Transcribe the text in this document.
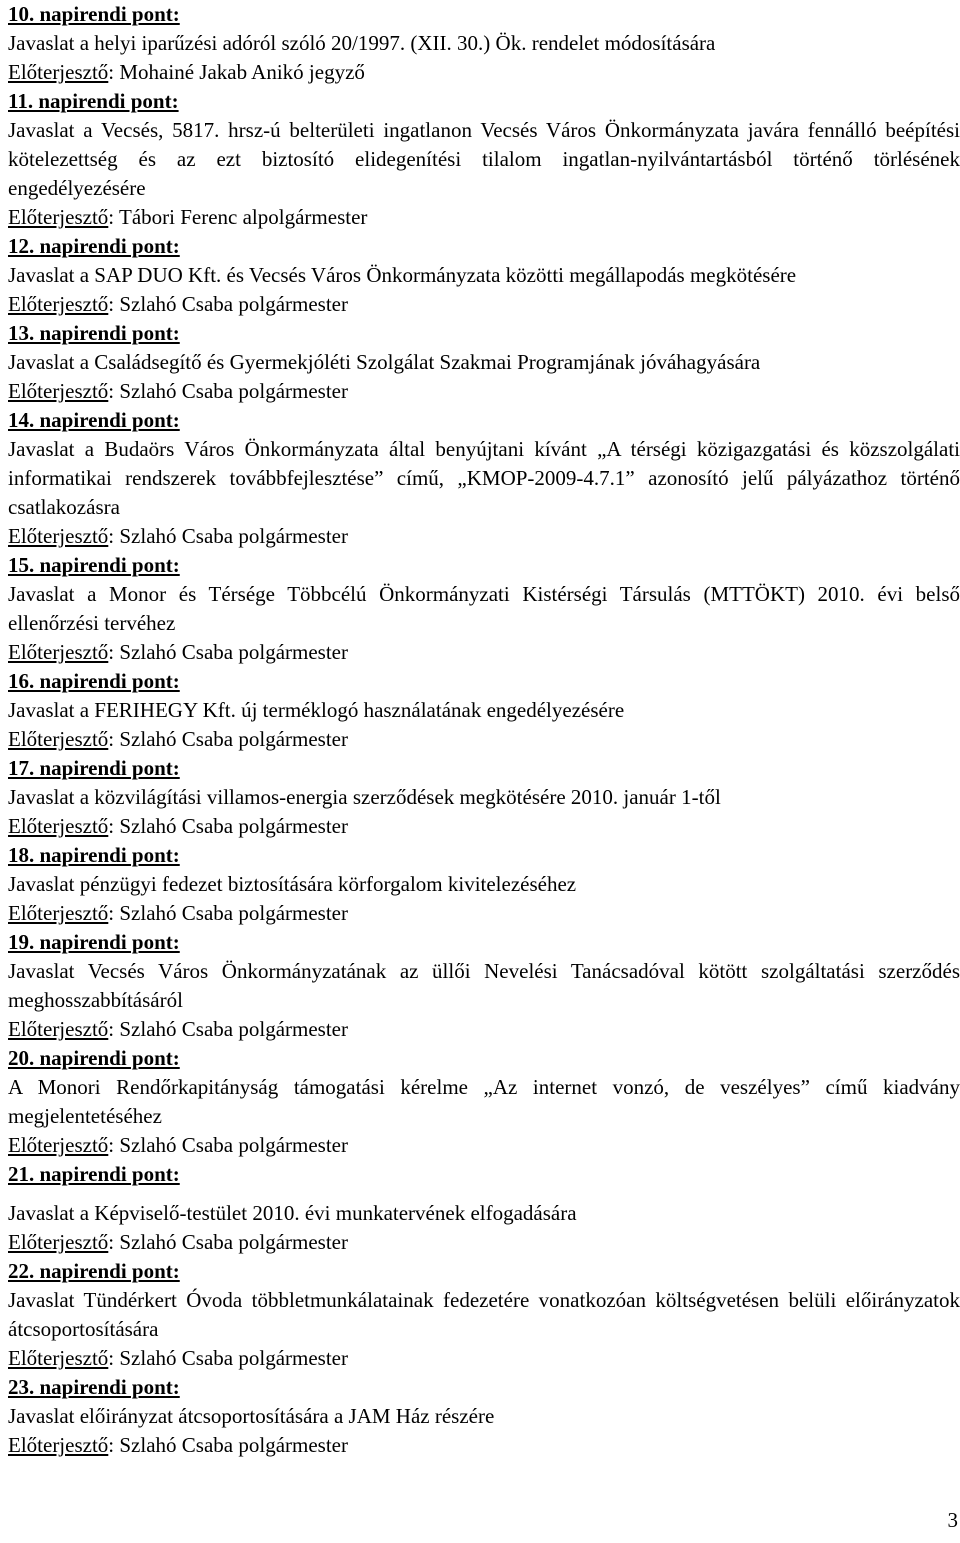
10. napirendi pont:
Javaslat a helyi iparűzési adóról szóló 20/1997. (XII. 30.) Ök. rendelet módosítására
Előterjesztő: Mohainé Jakab Anikó jegyző
11. napirendi pont:
Javaslat a Vecsés, 5817. hrsz-ú belterületi ingatlanon Vecsés Város Önkormányzata javára fennálló beépítési kötelezettség és az ezt biztosító elidegenítési tilalom ingatlan-nyilvántartásból történő törlésének engedélyezésére
Előterjesztő: Tábori Ferenc alpolgármester
12. napirendi pont:
Javaslat a SAP DUO Kft. és Vecsés Város Önkormányzata közötti megállapodás megkötésére
Előterjesztő: Szlahó Csaba polgármester
13. napirendi pont:
Javaslat a Családsegítő és Gyermekjóléti Szolgálat Szakmai Programjának jóváhagyására
Előterjesztő: Szlahó Csaba polgármester
14. napirendi pont:
Javaslat a Budaörs Város Önkormányzata által benyújtani kívánt „A térségi közigazgatási és közszolgálati informatikai rendszerek továbbfejlesztése” című, „KMOP-2009-4.7.1” azonosító jelű pályázathoz történő csatlakozásra
Előterjesztő: Szlahó Csaba polgármester
15. napirendi pont:
Javaslat a Monor és Térsége Többcélú Önkormányzati Kistérségi Társulás (MTTÖKT) 2010. évi belső ellenőrzési tervéhez
Előterjesztő: Szlahó Csaba polgármester
16. napirendi pont:
Javaslat a FERIHEGY Kft. új terméklogó használatának engedélyezésére
Előterjesztő: Szlahó Csaba polgármester
17. napirendi pont:
Javaslat a közvilágítási villamos-energia szerződések megkötésére 2010. január 1-től
Előterjesztő: Szlahó Csaba polgármester
18. napirendi pont:
Javaslat pénzügyi fedezet biztosítására körforgalom kivitelezéséhez
Előterjesztő: Szlahó Csaba polgármester
19. napirendi pont:
Javaslat Vecsés Város Önkormányzatának az üllői Nevelési Tanácsadóval kötött szolgáltatási szerződés meghosszabbításáról
Előterjesztő: Szlahó Csaba polgármester
20. napirendi pont:
A Monori Rendőrkapitányság támogatási kérelme „Az internet vonzó, de veszélyes” című kiadvány megjelentetéséhez
Előterjesztő: Szlahó Csaba polgármester
21. napirendi pont:
Javaslat a Képviselő-testület 2010. évi munkatervének elfogadására
Előterjesztő: Szlahó Csaba polgármester
22. napirendi pont:
Javaslat Tündérkert Óvoda többletmunkálatainak fedezetére vonatkozóan költségvetésen belüli előirányzatok átcsoportosítására
Előterjesztő: Szlahó Csaba polgármester
23. napirendi pont:
Javaslat előirányzat átcsoportosítására a JAM Ház részére
Előterjesztő: Szlahó Csaba polgármester
3
